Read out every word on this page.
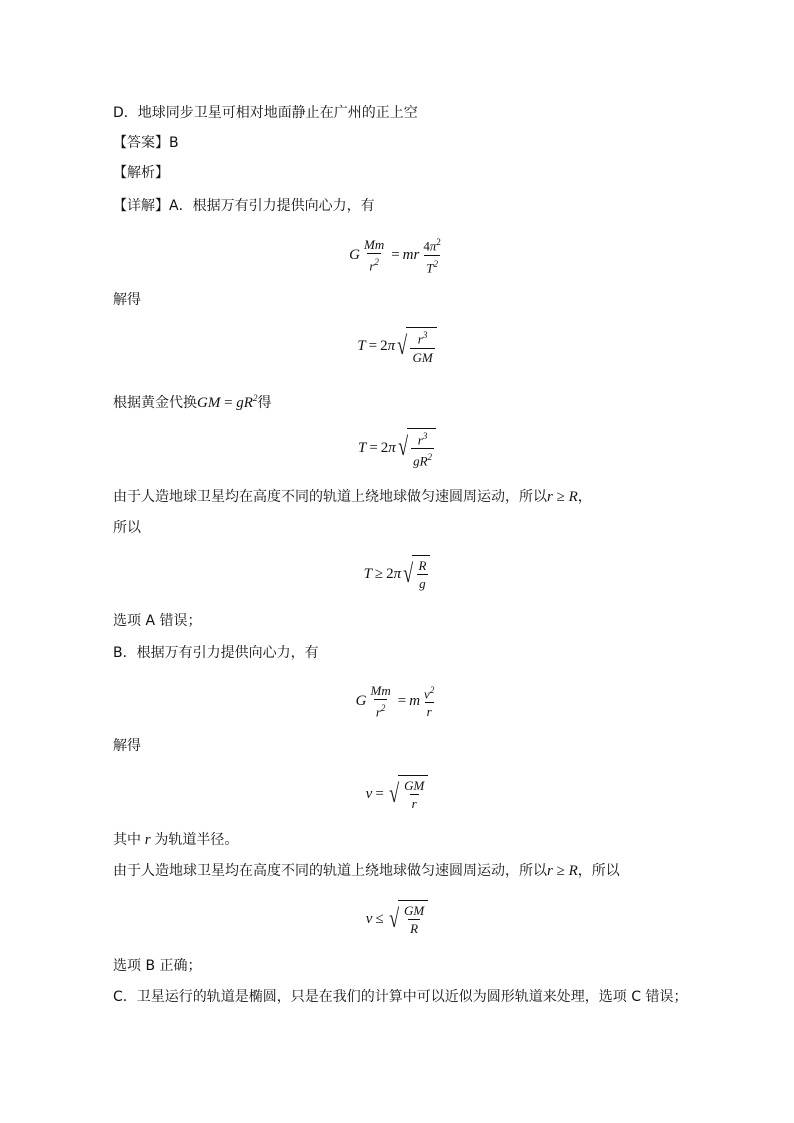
D．地球同步卫星可相对地面静止在广州的正上空
【答案】B
【解析】
【详解】A．根据万有引力提供向心力，有
G $\frac{Mm}{r^2}$ = mr $\frac{4\pi^2}{T^2}$
解得
T = 2 π √ $\frac{r^3}{GM}$
根据黄金代换GM = $gR^2$得
T = 2 π √ $\frac{r^3}{gR^2}$
由于人造地球卫星均在高度不同的轨道上绕地球做匀速圆周运动，所以r ≥ R，
所以
T ≥ 2 π √ $\frac{R}{g}$
选项 A 错误；
B．根据万有引力提供向心力，有
G $\frac{Mm}{r^2} = m \frac{v^2}{r}$
解得
v = √ $\frac{GM}{r}$
其中 r 为轨道半径。
由于人造地球卫星均在高度不同的轨道上绕地球做匀速圆周运动，所以r ≥ R，所以
v ≤ √ $\frac{GM}{R}$
选项 B 正确；
C．卫星运行的轨道是椭圆，只是在我们的计算中可以近似为圆形轨道来处理，选项 C 错误；
